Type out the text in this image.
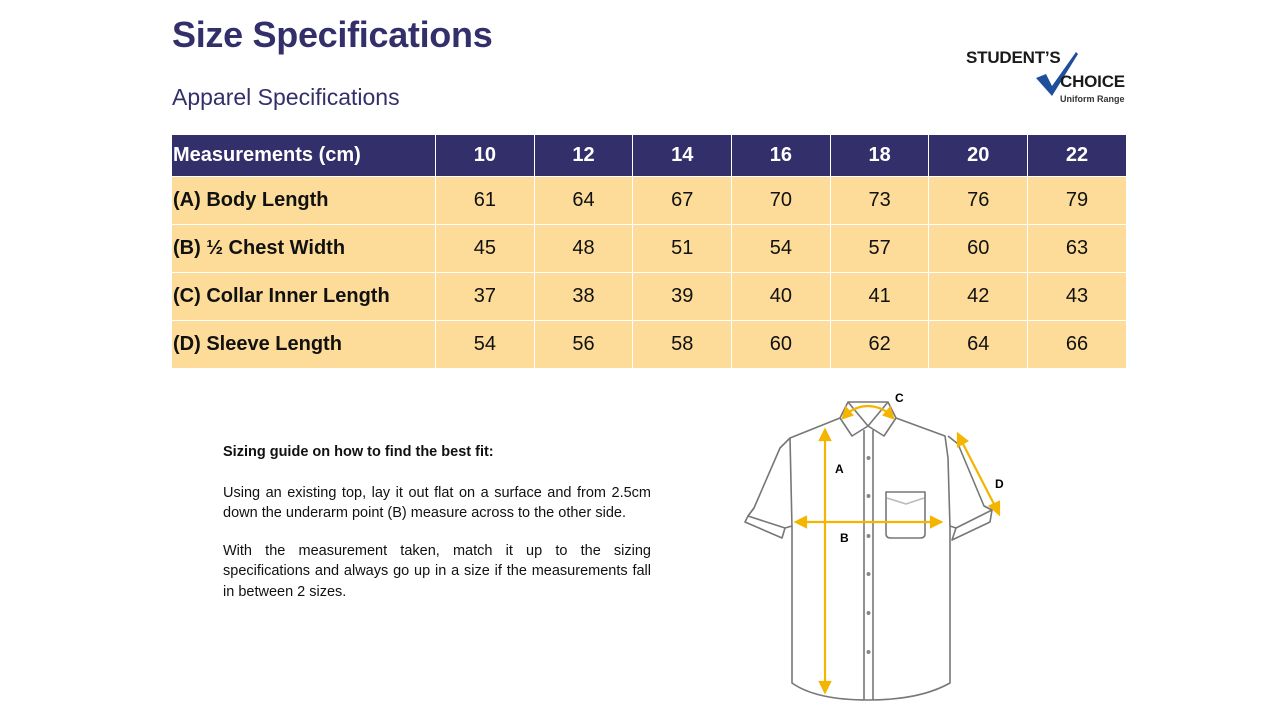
Size Specifications
Apparel Specifications
STUDENT’S
CHOICE
Uniform Range
Measurements (cm)	10	12	14	16	18	20	22
(A) Body Length	61	64	67	70	73	76	79
(B) ½ Chest Width	45	48	51	54	57	60	63
(C) Collar Inner Length	37	38	39	40	41	42	43
(D) Sleeve Length	54	56	58	60	62	64	66
Sizing guide on how to find the best fit:

Using an existing top, lay it out flat on a surface and from 2.5cm down the underarm point (B) measure across to the other side.

With the measurement taken, match it up to the sizing specifications and always go up in a size if the measurements fall in between 2 sizes.

A
B
C
D
